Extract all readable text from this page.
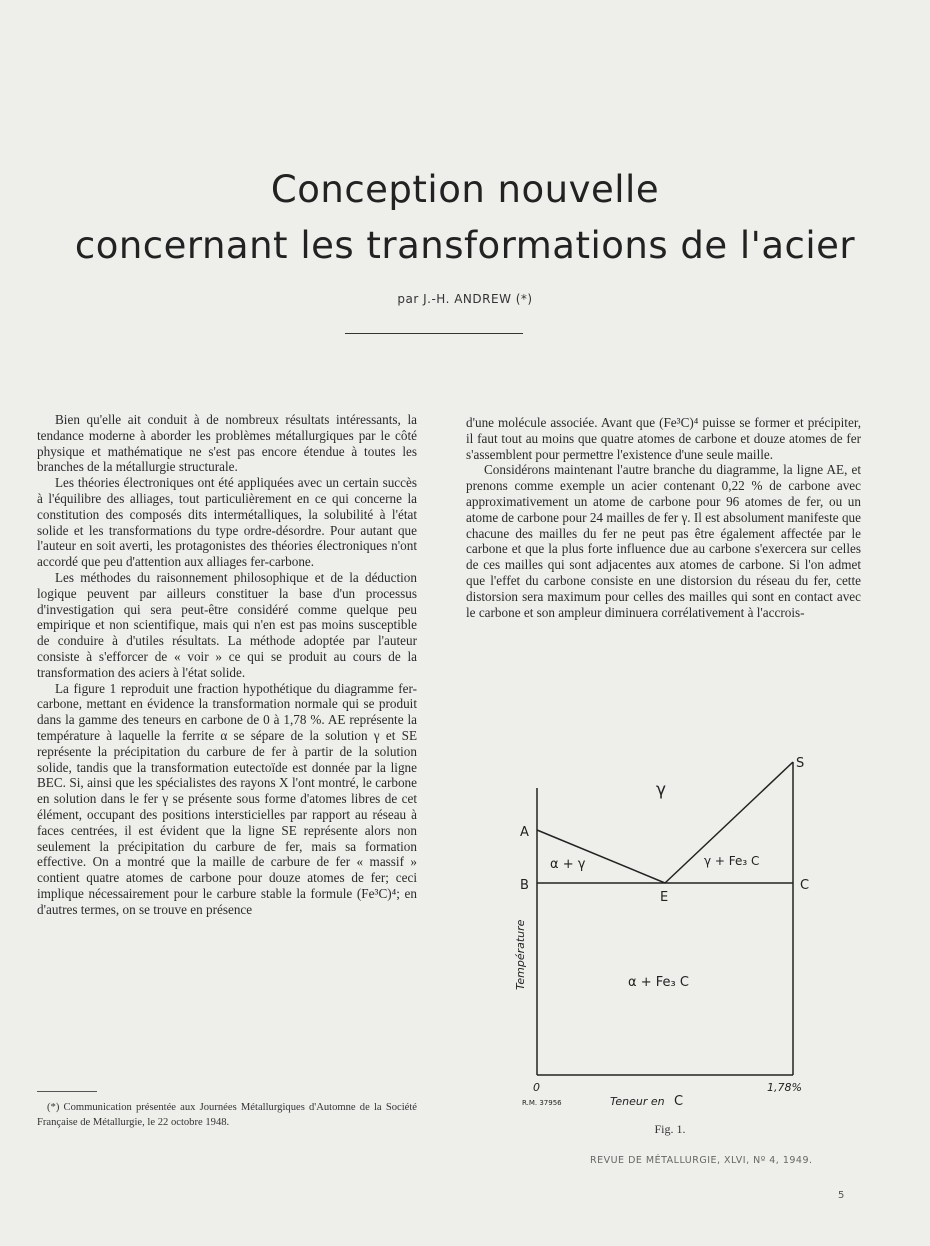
Conception nouvelle
concernant les transformations de l'acier
par J.-H. ANDREW (*)

Bien qu'elle ait conduit à de nombreux résultats intéressants, la tendance moderne à aborder les problèmes métallurgiques par le côté physique et mathématique ne s'est pas encore étendue à toutes les branches de la métallurgie structurale.

Les théories électroniques ont été appliquées avec un certain succès à l'équilibre des alliages, tout particulièrement en ce qui concerne la constitution des composés dits intermétalliques, la solubilité à l'état solide et les transformations du type ordre-désordre. Pour autant que l'auteur en soit averti, les protagonistes des théories électroniques n'ont accordé que peu d'attention aux alliages fer-carbone.

Les méthodes du raisonnement philosophique et de la déduction logique peuvent par ailleurs constituer la base d'un processus d'investigation qui sera peut-être considéré comme quelque peu empirique et non scientifique, mais qui n'en est pas moins susceptible de conduire à d'utiles résultats. La méthode adoptée par l'auteur consiste à s'efforcer de « voir » ce qui se produit au cours de la transformation des aciers à l'état solide.

La figure 1 reproduit une fraction hypothétique du diagramme fer-carbone, mettant en évidence la transformation normale qui se produit dans la gamme des teneurs en carbone de 0 à 1,78 %. AE représente la température à laquelle la ferrite α se sépare de la solution γ et SE représente la précipitation du carbure de fer à partir de la solution solide, tandis que la transformation eutectoïde est donnée par la ligne BEC. Si, ainsi que les spécialistes des rayons X l'ont montré, le carbone en solution dans le fer γ se présente sous forme d'atomes libres de cet élément, occupant des positions intersticielles par rapport au réseau à faces centrées, il est évident que la ligne SE représente alors non seulement la précipitation du carbure de fer, mais sa formation effective. On a montré que la maille de carbure de fer « massif » contient quatre atomes de carbone pour douze atomes de fer; ceci implique nécessairement pour le carbure stable la formule (Fe³C)⁴; en d'autres termes, on se trouve en présence

(*) Communication présentée aux Journées Métallurgiques d'Automne de la Société Française de Métallurgie, le 22 octobre 1948.

d'une molécule associée. Avant que (Fe³C)⁴ puisse se former et précipiter, il faut tout au moins que quatre atomes de carbone et douze atomes de fer s'assemblent pour permettre l'existence d'une seule maille.

Considérons maintenant l'autre branche du diagramme, la ligne AE, et prenons comme exemple un acier contenant 0,22 % de carbone avec approximativement un atome de carbone pour 96 atomes de fer, ou un atome de carbone pour 24 mailles de fer γ. Il est absolument manifeste que chacune des mailles du fer ne peut pas être également affectée par le carbone et que la plus forte influence due au carbone s'exercera sur celles de ces mailles qui sont adjacentes aux atomes de carbone. Si l'on admet que l'effet du carbone consiste en une distorsion du réseau du fer, cette distorsion sera maximum pour celles des mailles qui sont en contact avec le carbone et son ampleur diminuera corrélativement à l'accrois-

A
B	C
E
S
γ
α + γ	γ + Fe₃ C
α + Fe₃ C
Température
0	1,78%
Teneur en C
R.M. 37956
Fig. 1.
REVUE DE MÉTALLURGIE, XLVI, Nº 4, 1949.
5
